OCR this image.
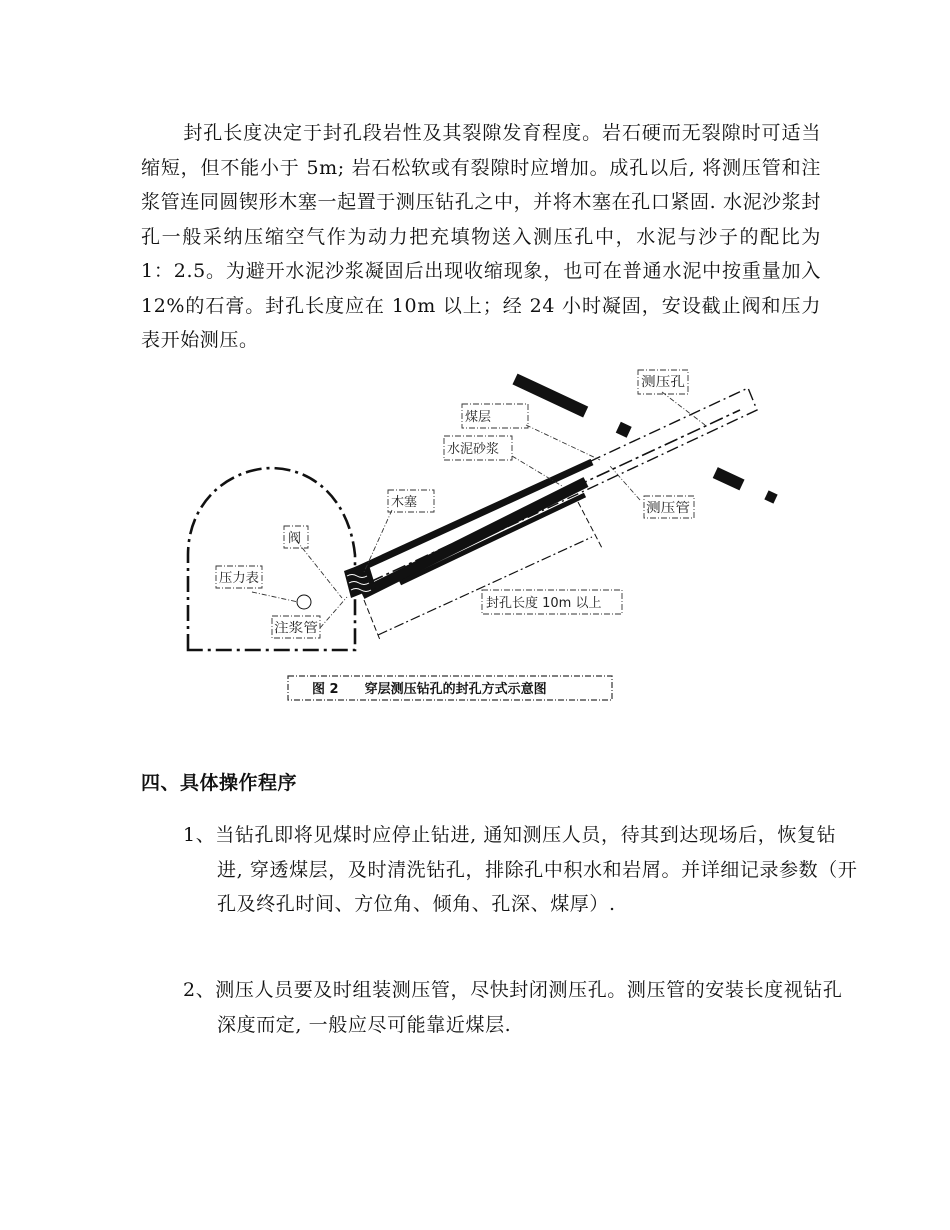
封孔长度决定于封孔段岩性及其裂隙发育程度。岩石硬而无裂隙时可适当缩短，但不能小于 5m; 岩石松软或有裂隙时应增加。成孔以后, 将测压管和注浆管连同圆锲形木塞一起置于测压钻孔之中，并将木塞在孔口紧固. 水泥沙浆封孔一般采纳压缩空气作为动力把充填物送入测压孔中，水泥与沙子的配比为 1：2.5。为避开水泥沙浆凝固后出现收缩现象，也可在普通水泥中按重量加入 12%的石膏。封孔长度应在 10m 以上；经 24 小时凝固，安设截止阀和压力表开始测压。

测压孔
煤层
水泥砂浆
木塞
阀
压力表
测压管
注浆管
封孔长度 10m 以上
图 2　　穿层测压钻孔的封孔方式示意图
四、具体操作程序

1、当钻孔即将见煤时应停止钻进, 通知测压人员，待其到达现场后，恢复钻进, 穿透煤层，及时清洗钻孔，排除孔中积水和岩屑。并详细记录参数（开孔及终孔时间、方位角、倾角、孔深、煤厚）.

2、测压人员要及时组装测压管，尽快封闭测压孔。测压管的安装长度视钻孔深度而定, 一般应尽可能靠近煤层.
